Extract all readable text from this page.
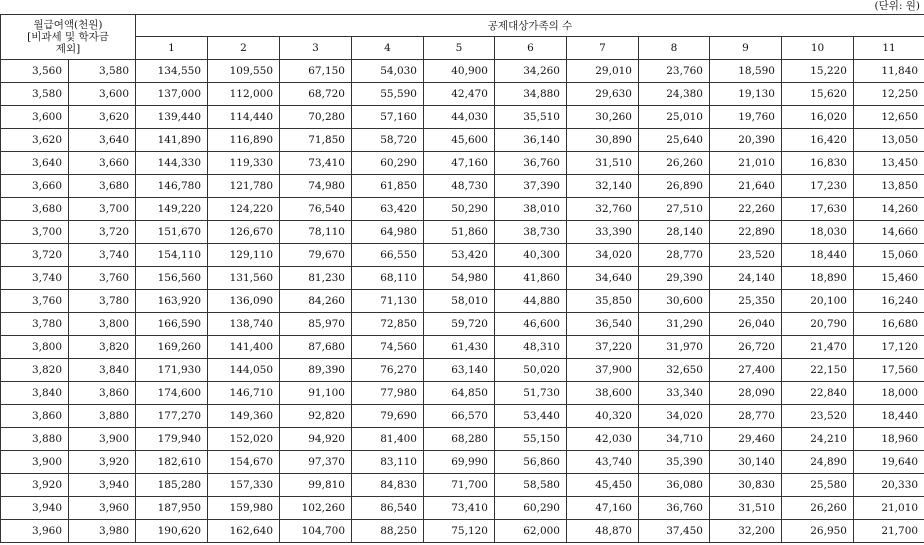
(단위: 원)
월급여액(천원)
[비과세 및 학자금
제외]		공제대상가족의 수										
		1	2	3	4	5	6	7	8	9	10	11
3,560	3,580	134,550	109,550	67,150	54,030	40,900	34,260	29,010	23,760	18,590	15,220	11,840
3,580	3,600	137,000	112,000	68,720	55,590	42,470	34,880	29,630	24,380	19,130	15,620	12,250
3,600	3,620	139,440	114,440	70,280	57,160	44,030	35,510	30,260	25,010	19,760	16,020	12,650
3,620	3,640	141,890	116,890	71,850	58,720	45,600	36,140	30,890	25,640	20,390	16,420	13,050
3,640	3,660	144,330	119,330	73,410	60,290	47,160	36,760	31,510	26,260	21,010	16,830	13,450
3,660	3,680	146,780	121,780	74,980	61,850	48,730	37,390	32,140	26,890	21,640	17,230	13,850
3,680	3,700	149,220	124,220	76,540	63,420	50,290	38,010	32,760	27,510	22,260	17,630	14,260
3,700	3,720	151,670	126,670	78,110	64,980	51,860	38,730	33,390	28,140	22,890	18,030	14,660
3,720	3,740	154,110	129,110	79,670	66,550	53,420	40,300	34,020	28,770	23,520	18,440	15,060
3,740	3,760	156,560	131,560	81,230	68,110	54,980	41,860	34,640	29,390	24,140	18,890	15,460
3,760	3,780	163,920	136,090	84,260	71,130	58,010	44,880	35,850	30,600	25,350	20,100	16,240
3,780	3,800	166,590	138,740	85,970	72,850	59,720	46,600	36,540	31,290	26,040	20,790	16,680
3,800	3,820	169,260	141,400	87,680	74,560	61,430	48,310	37,220	31,970	26,720	21,470	17,120
3,820	3,840	171,930	144,050	89,390	76,270	63,140	50,020	37,900	32,650	27,400	22,150	17,560
3,840	3,860	174,600	146,710	91,100	77,980	64,850	51,730	38,600	33,340	28,090	22,840	18,000
3,860	3,880	177,270	149,360	92,820	79,690	66,570	53,440	40,320	34,020	28,770	23,520	18,440
3,880	3,900	179,940	152,020	94,920	81,400	68,280	55,150	42,030	34,710	29,460	24,210	18,960
3,900	3,920	182,610	154,670	97,370	83,110	69,990	56,860	43,740	35,390	30,140	24,890	19,640
3,920	3,940	185,280	157,330	99,810	84,830	71,700	58,580	45,450	36,080	30,830	25,580	20,330
3,940	3,960	187,950	159,980	102,260	86,540	73,410	60,290	47,160	36,760	31,510	26,260	21,010
3,960	3,980	190,620	162,640	104,700	88,250	75,120	62,000	48,870	37,450	32,200	26,950	21,700
